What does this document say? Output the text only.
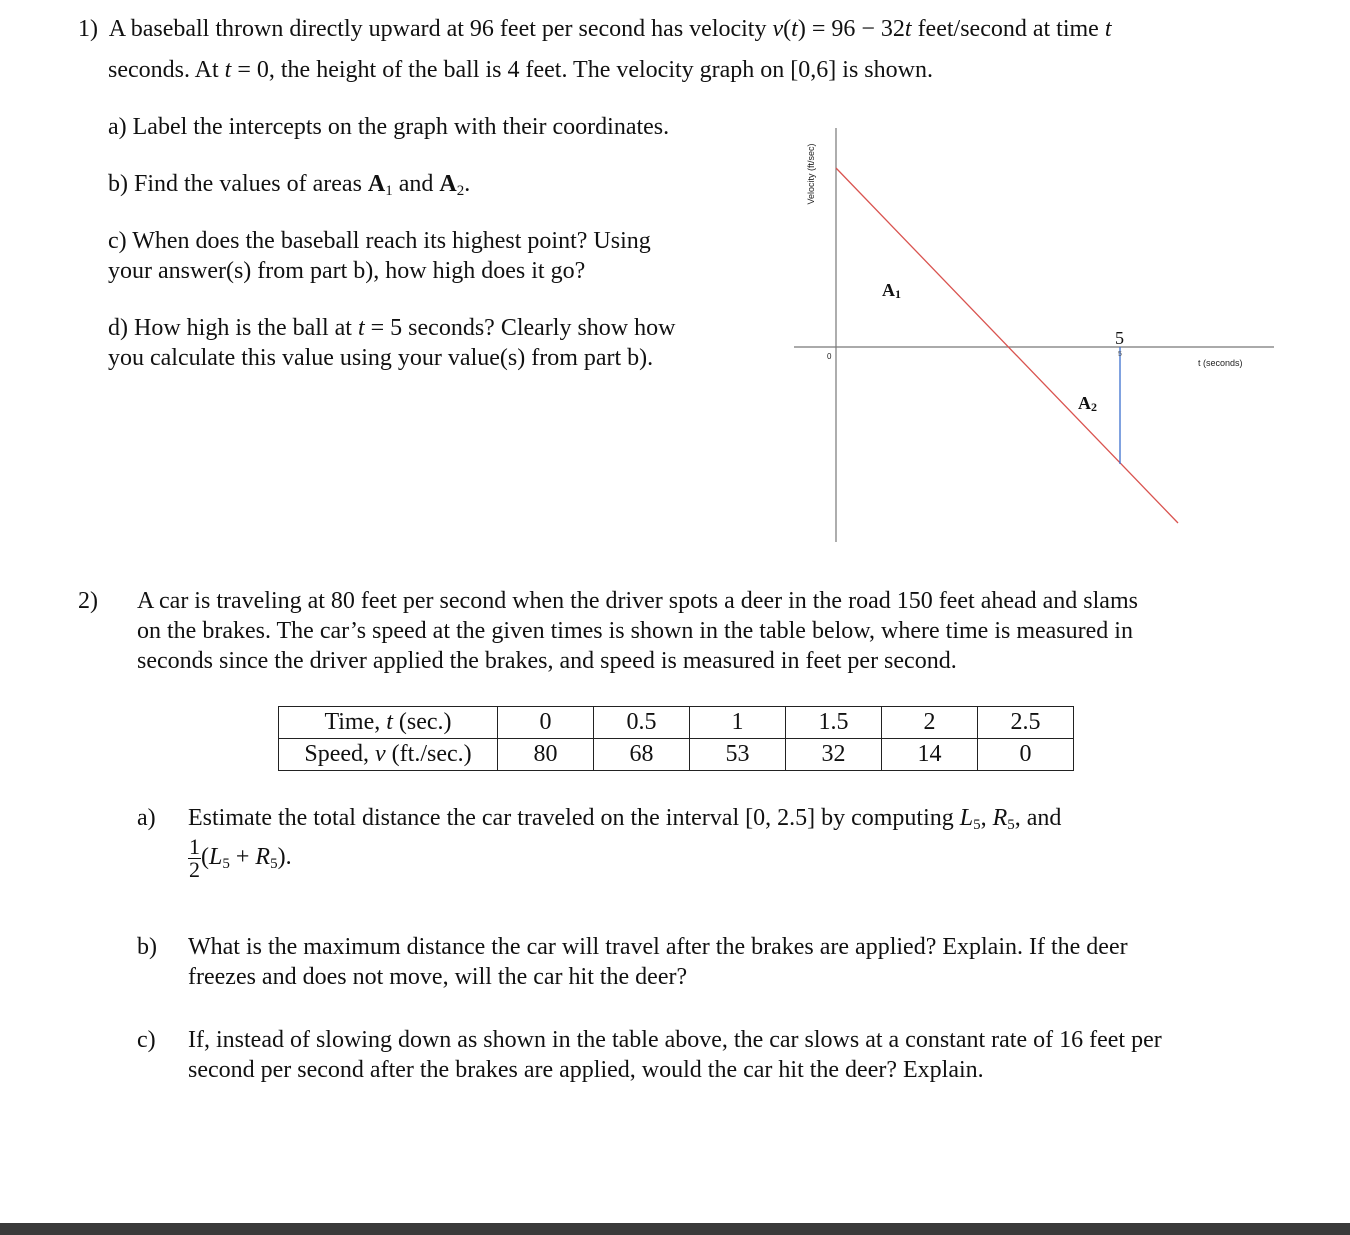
1) A baseball thrown directly upward at 96 feet per second has velocity v(t) = 96 − 32t feet/second at time t
seconds. At t = 0, the height of the ball is 4 feet. The velocity graph on [0,6] is shown.
a) Label the intercepts on the graph with their coordinates.
b) Find the values of areas $A_1$ and $A_2$.
c) When does the baseball reach its highest point? Using
your answer(s) from part b), how high does it go?
d) How high is the ball at t = 5 seconds? Clearly show how
you calculate this value using your value(s) from part b).
Velocity (ft/sec)
t (seconds)
0
5
5
A1
A2
2) A car is traveling at 80 feet per second when the driver spots a deer in the road 150 feet ahead and slams
on the brakes. The car’s speed at the given times is shown in the table below, where time is measured in
seconds since the driver applied the brakes, and speed is measured in feet per second.
Time, t (sec.)	0	0.5	1	1.5	2	2.5
Speed, v (ft./sec.)	80	68	53	32	14	0
a) Estimate the total distance the car traveled on the interval [0, 2.5] by computing $L_5$, $R_5$, and
$\frac{1}{2} (L_5 + R_5)$.
b) What is the maximum distance the car will travel after the brakes are applied? Explain. If the deer
freezes and does not move, will the car hit the deer?
c) If, instead of slowing down as shown in the table above, the car slows at a constant rate of 16 feet per
second per second after the brakes are applied, would the car hit the deer? Explain.
